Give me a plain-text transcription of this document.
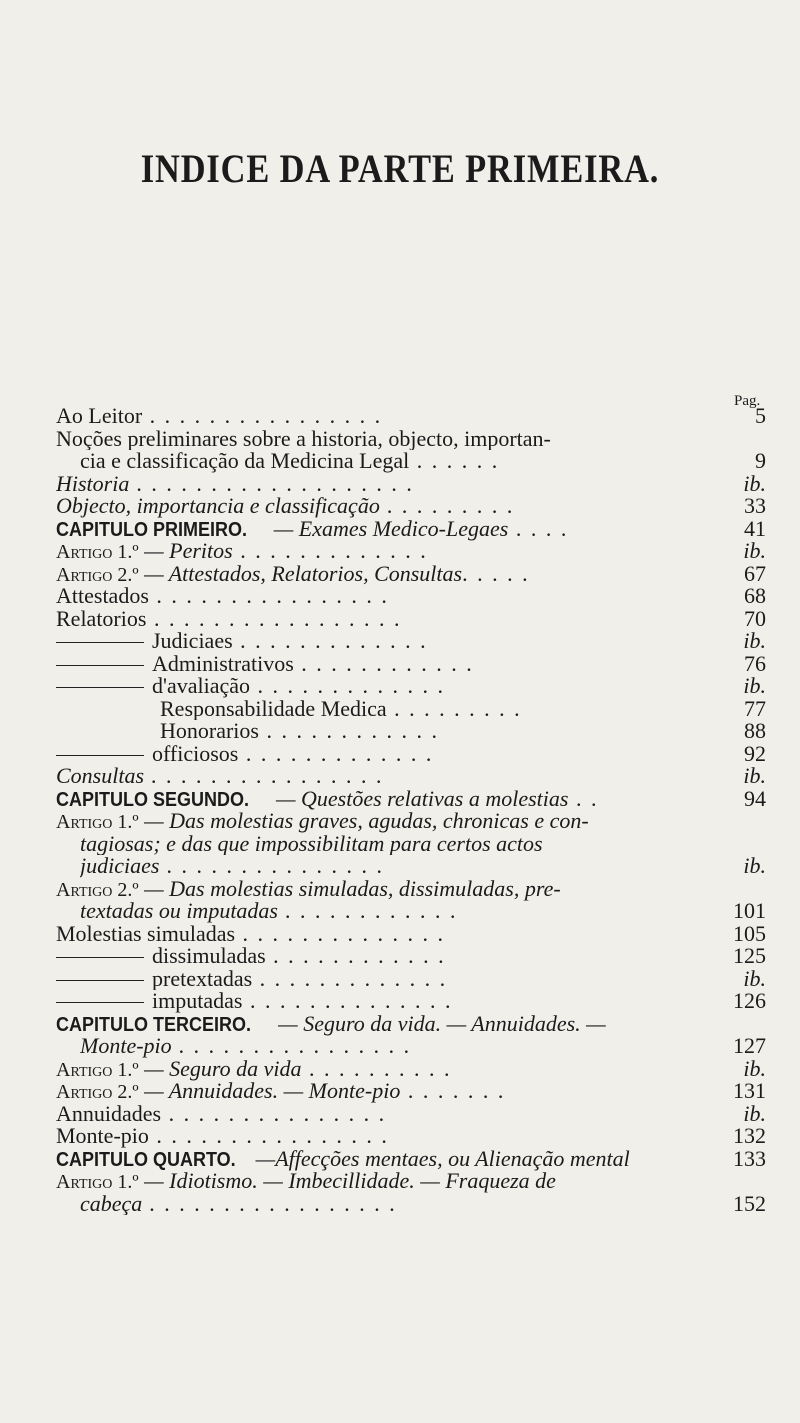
INDICE DA PARTE PRIMEIRA.
Pag.
Ao Leitor . . . . . . . . . . . . . . . .	5
Noções preliminares sobre a historia, objecto, importan-
cia e classificação da Medicina Legal . . . . . .	9
Historia . . . . . . . . . . . . . . . . . . .	ib.
Objecto, importancia e classificação . . . . . . . . .	33
CAPITULO PRIMEIRO. — Exames Medico-Legaes . . . .	41
Artigo 1.º — Peritos . . . . . . . . . . . . .	ib.
Artigo 2.º — Attestados, Relatorios, Consultas. . . . .	67
Attestados . . . . . . . . . . . . . . . .	68
Relatorios . . . . . . . . . . . . . . . . .	70
Judiciaes . . . . . . . . . . . . .	ib.
Administrativos . . . . . . . . . . . .	76
d'avaliação . . . . . . . . . . . . .	ib.
Responsabilidade Medica . . . . . . . . .	77
Honorarios . . . . . . . . . . . .	88
officiosos . . . . . . . . . . . . .	92
Consultas . . . . . . . . . . . . . . . .	ib.
CAPITULO SEGUNDO. — Questões relativas a molestias . .	94
Artigo 1.º — Das molestias graves, agudas, chronicas e con-
tagiosas; e das que impossibilitam para certos actos
judiciaes . . . . . . . . . . . . . . .	ib.
Artigo 2.º — Das molestias simuladas, dissimuladas, pre-
textadas ou imputadas . . . . . . . . . . . .	101
Molestias simuladas . . . . . . . . . . . . . .	105
dissimuladas . . . . . . . . . . . .	125
pretextadas . . . . . . . . . . . . .	ib.
imputadas . . . . . . . . . . . . . .	126
CAPITULO TERCEIRO. — Seguro da vida. — Annuidades. —
Monte-pio . . . . . . . . . . . . . . . .	127
Artigo 1.º — Seguro da vida . . . . . . . . . .	ib.
Artigo 2.º — Annuidades. — Monte-pio . . . . . . .	131
Annuidades . . . . . . . . . . . . . . .	ib.
Monte-pio . . . . . . . . . . . . . . . .	132
CAPITULO QUARTO. —Affecções mentaes, ou Alienação mental	133
Artigo 1.º — Idiotismo. — Imbecillidade. — Fraqueza de
cabeça . . . . . . . . . . . . . . . . .	152
